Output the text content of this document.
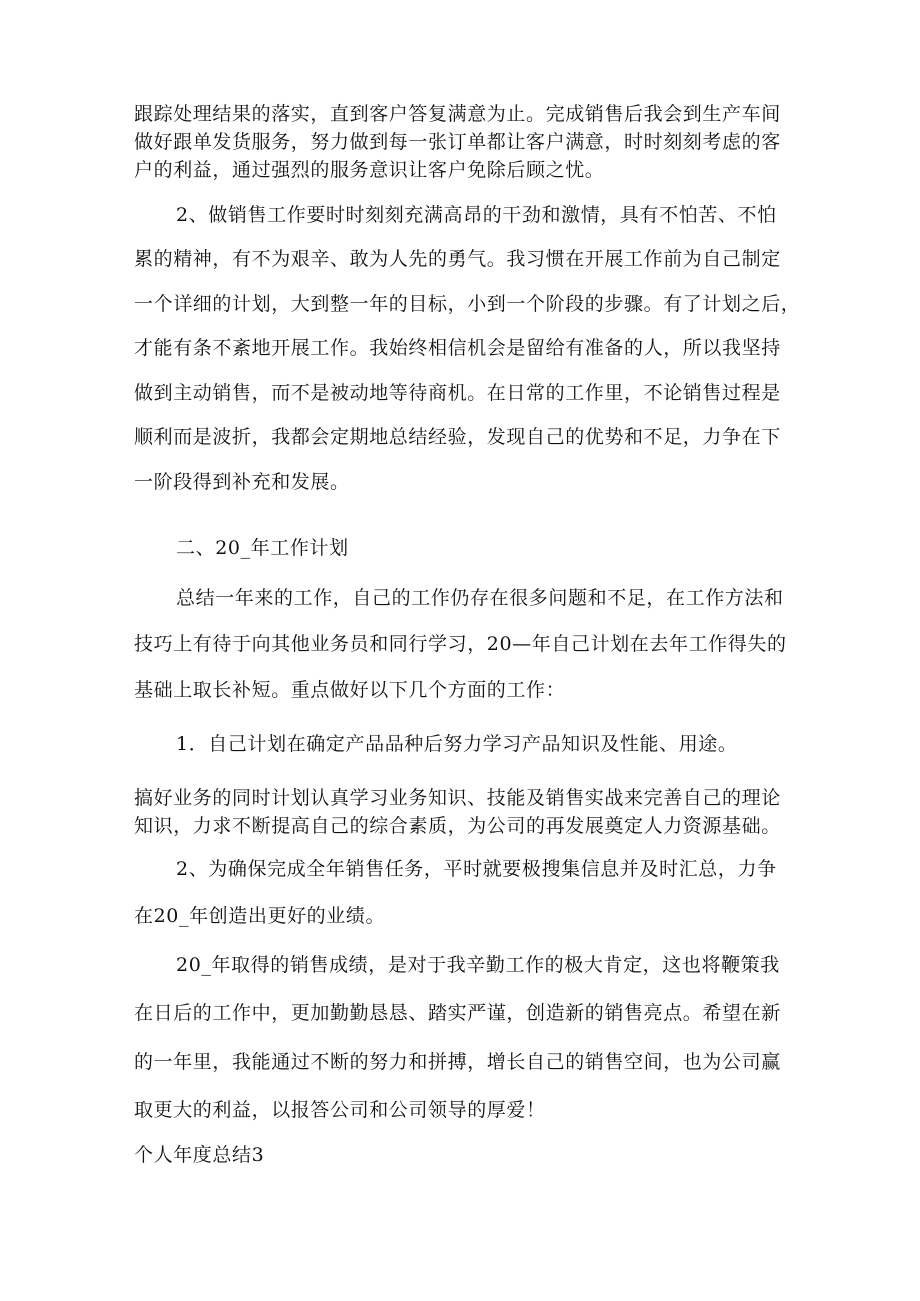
跟踪处理结果的落实，直到客户答复满意为止。完成销售后我会到生产车间
做好跟单发货服务，努力做到每一张订单都让客户满意，时时刻刻考虑的客
户的利益，通过强烈的服务意识让客户免除后顾之忧。
2、做销售工作要时时刻刻充满高昂的干劲和激情，具有不怕苦、不怕
累的精神，有不为艰辛、敢为人先的勇气。我习惯在开展工作前为自己制定
一个详细的计划，大到整一年的目标，小到一个阶段的步骤。有了计划之后，
才能有条不紊地开展工作。我始终相信机会是留给有准备的人，所以我坚持
做到主动销售，而不是被动地等待商机。在日常的工作里，不论销售过程是
顺利而是波折，我都会定期地总结经验，发现自己的优势和不足，力争在下
一阶段得到补充和发展。
二、20_年工作计划
总结一年来的工作，自己的工作仍存在很多问题和不足，在工作方法和
技巧上有待于向其他业务员和同行学习，20—年自己计划在去年工作得失的
基础上取长补短。重点做好以下几个方面的工作：
1．自己计划在确定产品品种后努力学习产品知识及性能、用途。
搞好业务的同时计划认真学习业务知识、技能及销售实战来完善自己的理论
知识，力求不断提高自己的综合素质，为公司的再发展奠定人力资源基础。
2、为确保完成全年销售任务，平时就要极搜集信息并及时汇总，力争
在20_年创造出更好的业绩。
20_年取得的销售成绩，是对于我辛勤工作的极大肯定，这也将鞭策我
在日后的工作中，更加勤勤恳恳、踏实严谨，创造新的销售亮点。希望在新
的一年里，我能通过不断的努力和拼搏，增长自己的销售空间，也为公司赢
取更大的利益，以报答公司和公司领导的厚爱！
个人年度总结3
